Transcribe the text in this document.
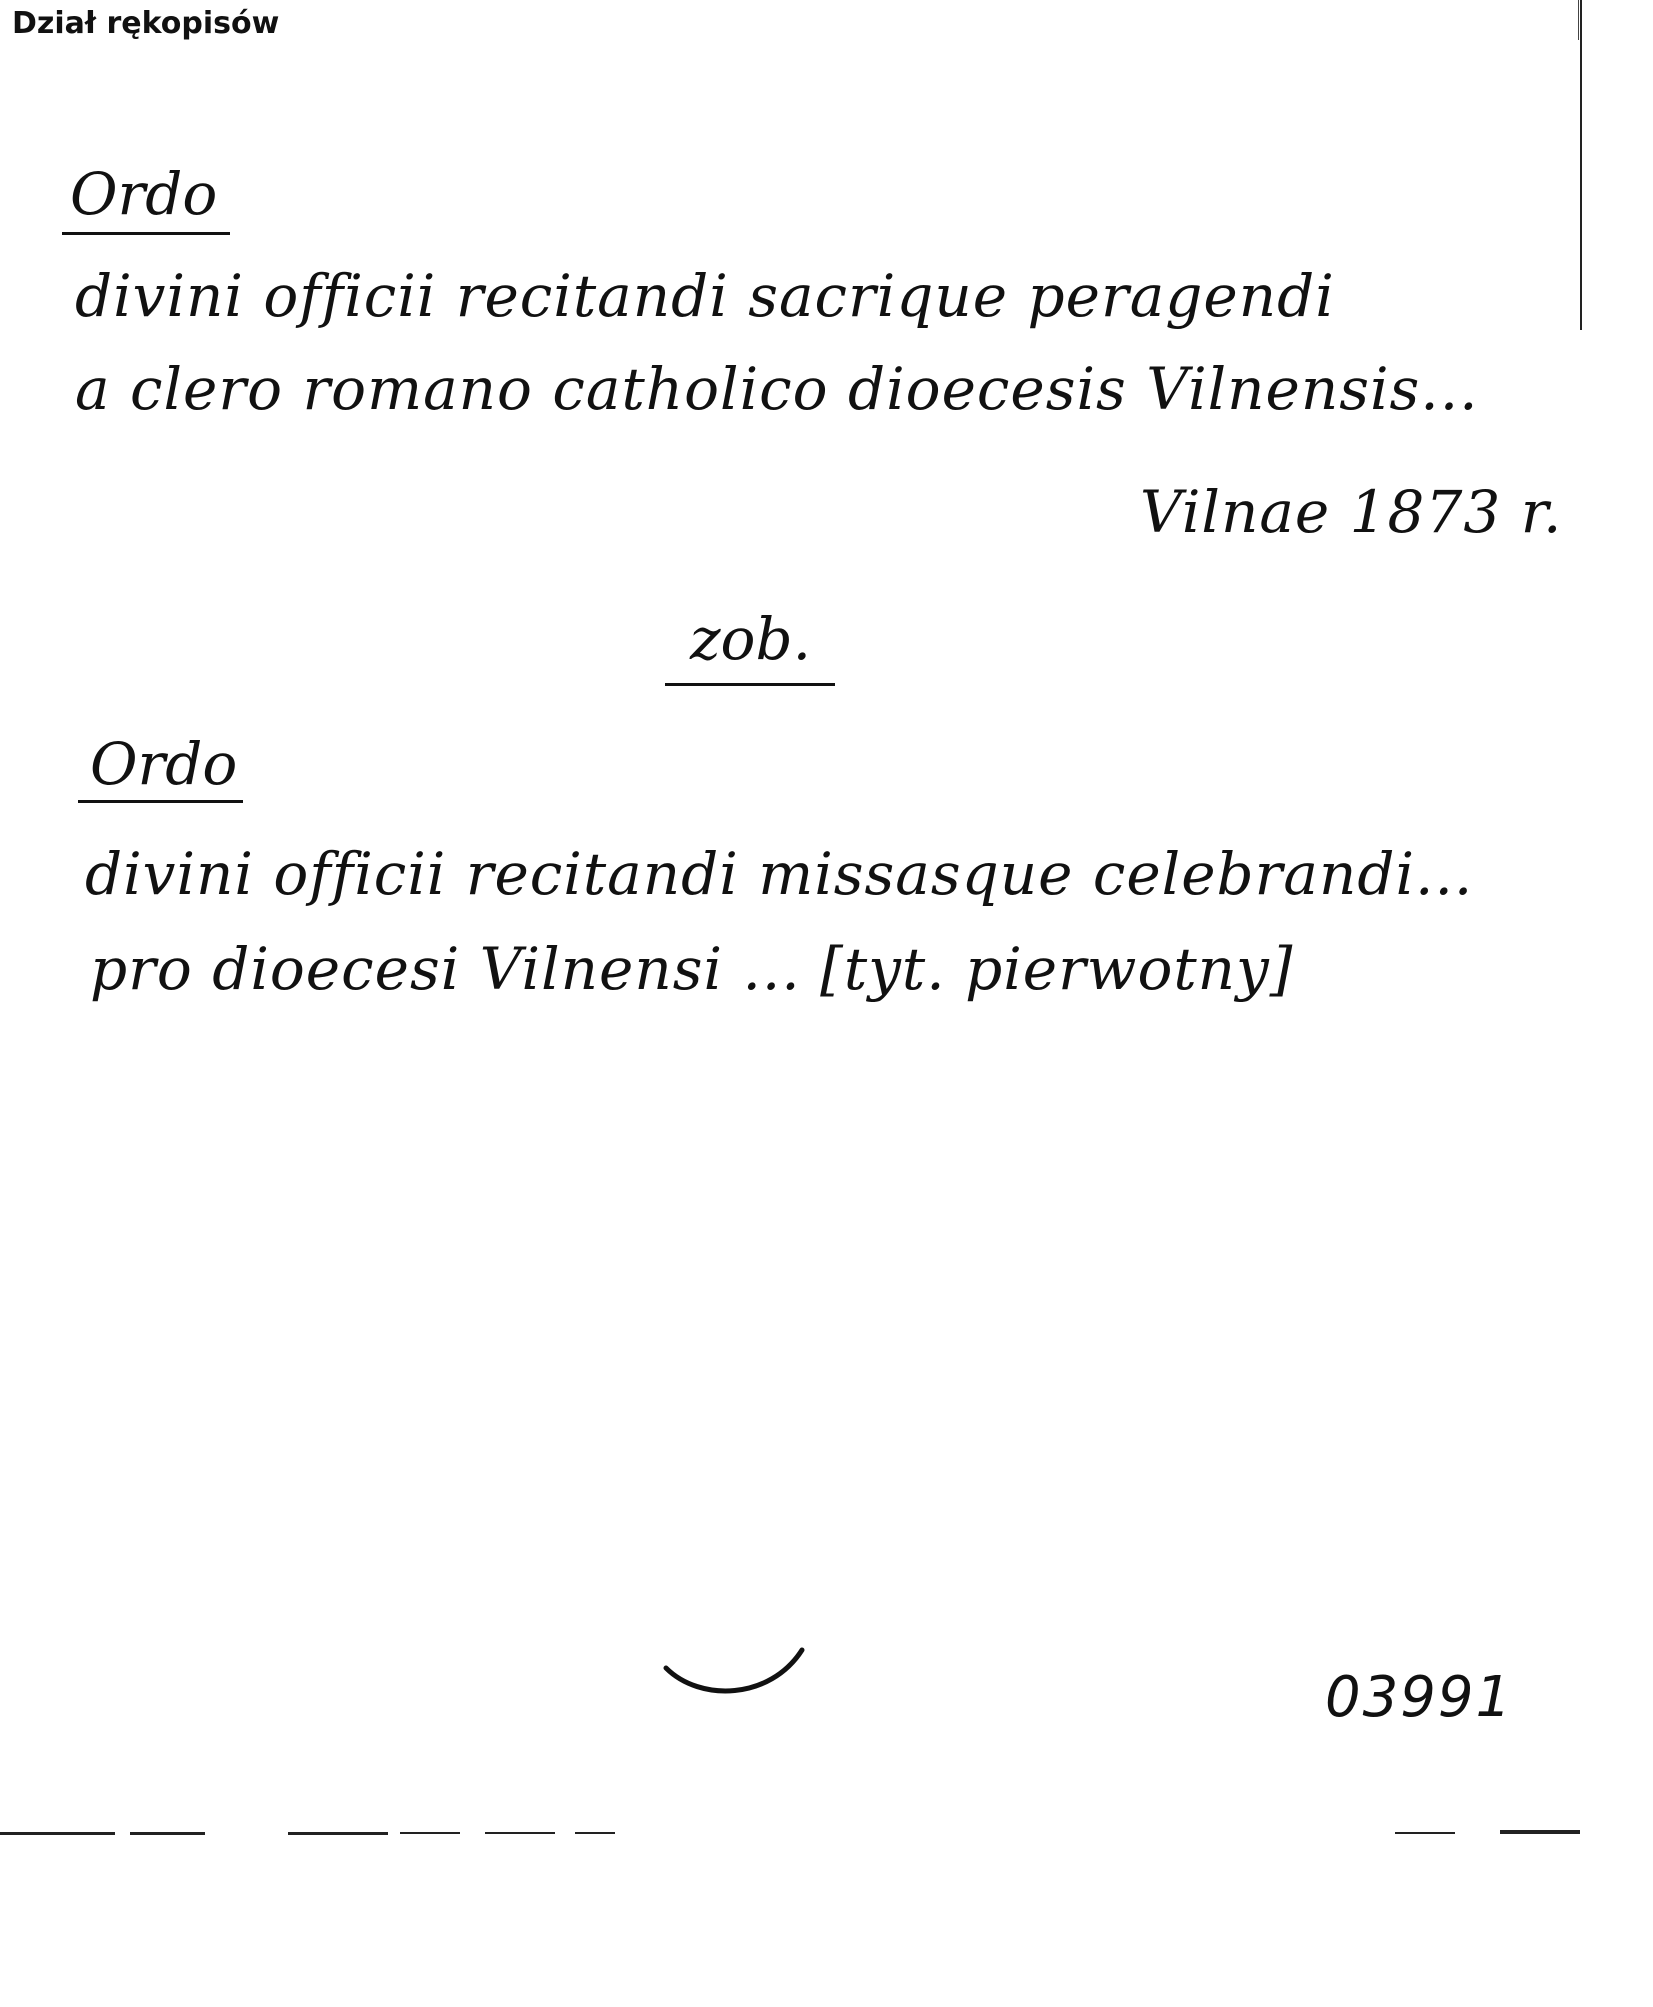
Dział rękopisów
Ordo
divini officii recitandi sacrique peragendi
a clero romano catholico dioecesis Vilnensis...
Vilnae 1873 r.
zob.
Ordo
divini officii recitandi missasque celebrandi...
pro dioecesi Vilnensi ... [tyt. pierwotny]
03991
